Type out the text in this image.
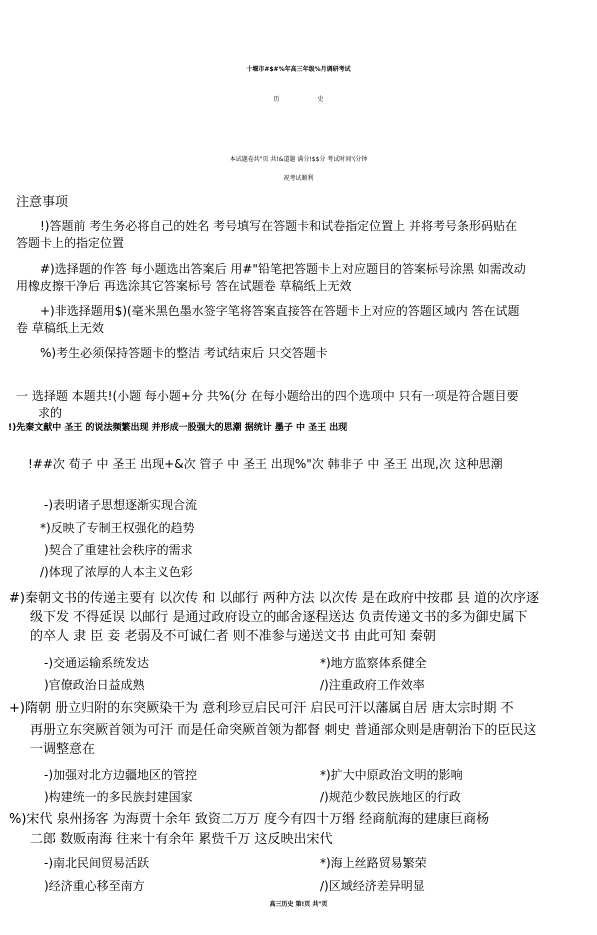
十堰市#$#%年高三年级%月调研考试
历 史
本试题卷共"页 共!&道题 满分!$$分 考试时间'(分钟
祝考试顺利
注意事项
!)答题前 考生务必将自己的姓名 考号填写在答题卡和试卷指定位置上 并将考号条形码贴在
答题卡上的指定位置
#)选择题的作答 每小题选出答案后 用#"铅笔把答题卡上对应题目的答案标号涂黑 如需改动
用橡皮擦干净后 再选涂其它答案标号 答在试题卷 草稿纸上无效
+)非选择题用$)(毫米黑色墨水签字笔将答案直接答在答题卡上对应的答题区域内 答在试题
卷 草稿纸上无效
%)考生必须保持答题卡的整洁 考试结束后 只交答题卡
一 选择题 本题共!(小题 每小题+分 共%(分 在每小题给出的四个选项中 只有一项是符合题目要
求的
!)先秦文献中 圣王 的说法频繁出现 并形成一股强大的思潮 据统计 墨子 中 圣王 出现
!##次 荀子 中 圣王 出现+&次 管子 中 圣王 出现%"次 韩非子 中 圣王 出现,次 这种思潮
-)表明诸子思想逐渐实现合流
*)反映了专制王权强化的趋势
)契合了重建社会秩序的需求
/)体现了浓厚的人本主义色彩
#)秦朝文书的传递主要有 以次传 和 以邮行 两种方法 以次传 是在政府中按郡 县 道的次序逐
级下发 不得延误 以邮行 是通过政府设立的邮舍逐程送达 负责传递文书的多为御史属下
的卒人 隶 臣 妾 老弱及不可诚仁者 则不准参与递送文书 由此可知 秦朝
-)交通运输系统发达	*)地方监察体系健全
)官僚政治日益成熟	/)注重政府工作效率
+)隋朝 册立归附的东突厥染干为 意利珍豆启民可汗 启民可汗以藩属自居 唐太宗时期 不
再册立东突厥首领为可汗 而是任命突厥首领为都督 刺史 普通部众则是唐朝治下的臣民这
一调整意在
-)加强对北方边疆地区的管控	*)扩大中原政治文明的影响
)构建统一的多民族封建国家	/)规范少数民族地区的行政
%)宋代 泉州扬客 为海贾十余年 致资二万万 度今有四十万缗 经商航海的建康巨商杨
二郎 数贩南海 往来十有余年 累赀千万 这反映出宋代
-)南北民间贸易活跃	*)海上丝路贸易繁荣
)经济重心移至南方	/)区域经济差异明显
高三历史 第!页 共"页
